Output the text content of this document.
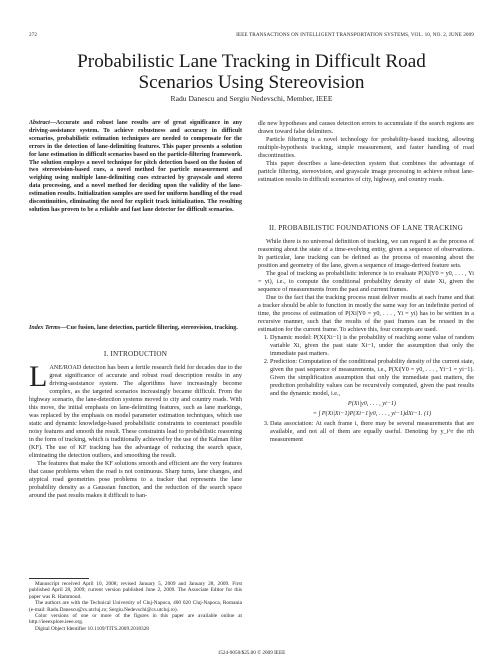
272	IEEE TRANSACTIONS ON INTELLIGENT TRANSPORTATION SYSTEMS, VOL. 10, NO. 2, JUNE 2009
Probabilistic Lane Tracking in Difficult Road Scenarios Using Stereovision
Radu Danescu and Sergiu Nedevschi, Member, IEEE
Abstract—Accurate and robust lane results are of great significance in any driving-assistance system. To achieve robustness and accuracy in difficult scenarios, probabilistic estimation techniques are needed to compensate for the errors in the detection of lane-delimiting features. This paper presents a solution for lane estimation in difficult scenarios based on the particle-filtering framework. The solution employs a novel technique for pitch detection based on the fusion of two stereovision-based cues, a novel method for particle measurement and weighing using multiple lane-delimiting cues extracted by grayscale and stereo data processing, and a novel method for deciding upon the validity of the lane-estimation results. Initialization samples are used for uniform handling of the road discontinuities, eliminating the need for explicit track initialization. The resulting solution has proven to be a reliable and fast lane detector for difficult scenarios.
Index Terms—Cue fusion, lane detection, particle filtering, stereovision, tracking.
I. INTRODUCTION

LANE/ROAD detection has been a fertile research field for decades due to the great significance of accurate and robust road description results in any driving-assistance system. The algorithms have increasingly become complex, as the targeted scenarios increasingly became difficult. From the highway scenario, the lane-detection systems moved to city and country roads. With this move, the initial emphasis on lane-delimiting features, such as lane markings, was replaced by the emphasis on model parameter estimation techniques, which use static and dynamic knowledge-based probabilistic constraints to counteract possible noisy features and smooth the result. These constraints lead to probabilistic reasoning in the form of tracking, which is traditionally achieved by the use of the Kalman filter (KF). The use of KF tracking has the advantage of reducing the search space, eliminating the detection outliers, and smoothing the result.

The features that make the KF solutions smooth and efficient are the very features that cause problems when the road is not continuous. Sharp turns, lane changes, and atypical road geometries pose problems to a tracker that represents the lane probability density as a Gaussian function, and the reduction of the search space around the past results makes it difficult to han-

Manuscript received April 10, 2008; revised January 5, 2009 and January 28, 2009. First published April 28, 2009; current version published June 2, 2009. The Associate Editor for this paper was R. Hammoud.

The authors are with the Technical University of Cluj-Napoca, 400 020 Cluj-Napoca, Romania (e-mail: Radu.Danescu@cs.utcluj.ro; Sergiu.Nedevschi@cs.utcluj.ro).

Color versions of one or more of the figures in this paper are available online at http://ieeexplore.ieee.org.

Digital Object Identifier 10.1109/TITS.2009.2018328

dle new hypotheses and causes detection errors to accumulate if the search regions are drawn toward false delimiters.

Particle filtering is a novel technology for probability-based tracking, allowing multiple-hypothesis tracking, simple measurement, and faster handling of road discontinuities.

This paper describes a lane-detection system that combines the advantage of particle filtering, stereovision, and grayscale image processing to achieve robust lane-estimation results in difficult scenarios of city, highway, and country roads.

II. PROBABILISTIC FOUNDATIONS OF LANE TRACKING

While there is no universal definition of tracking, we can regard it as the process of reasoning about the state of a time-evolving entity, given a sequence of observations. In particular, lane tracking can be defined as the process of reasoning about the position and geometry of the lane, given a sequence of image-derived feature sets.

The goal of tracking as probabilistic inference is to evaluate P(Xi|Y0 = y0, . . . , Yi = yi), i.e., to compute the conditional probability density of state Xi, given the sequence of measurements from the past and current frames.

Due to the fact that the tracking process must deliver results at each frame and that a tracker should be able to function in mostly the same way for an indefinite period of time, the process of estimation of P(Xi|Y0 = y0, . . . , Yi = yi) has to be written in a recursive manner, such that the results of the past frames can be reused in the estimation for the current frame. To achieve this, four concepts are used.

1. Dynamic model: P(Xi|Xi−1) is the probability of reaching some value of random variable Xi, given the past state Xi−1, under the assumption that only the immediate past matters.
2. Prediction: Computation of the conditional probability density of the current state, given the past sequence of measurements, i.e., P(Xi|Y0 = y0, . . . , Yi−1 = yi−1). Given the simplification assumption that only the immediate past matters, the prediction probability values can be recursively computed, given the past results and the dynamic model, i.e.,
P(Xi|y0, . . . , yi−1)
= ∫ P(Xi|Xi−1)P(Xi−1|y0, . . . , yi−1)dXi−1. (1)
3. Data association: At each frame i, there may be several measurements that are available, and not all of them are equally useful. Denoting by y_i^r the rth measurement
1524-9050/$25.00 © 2009 IEEE
